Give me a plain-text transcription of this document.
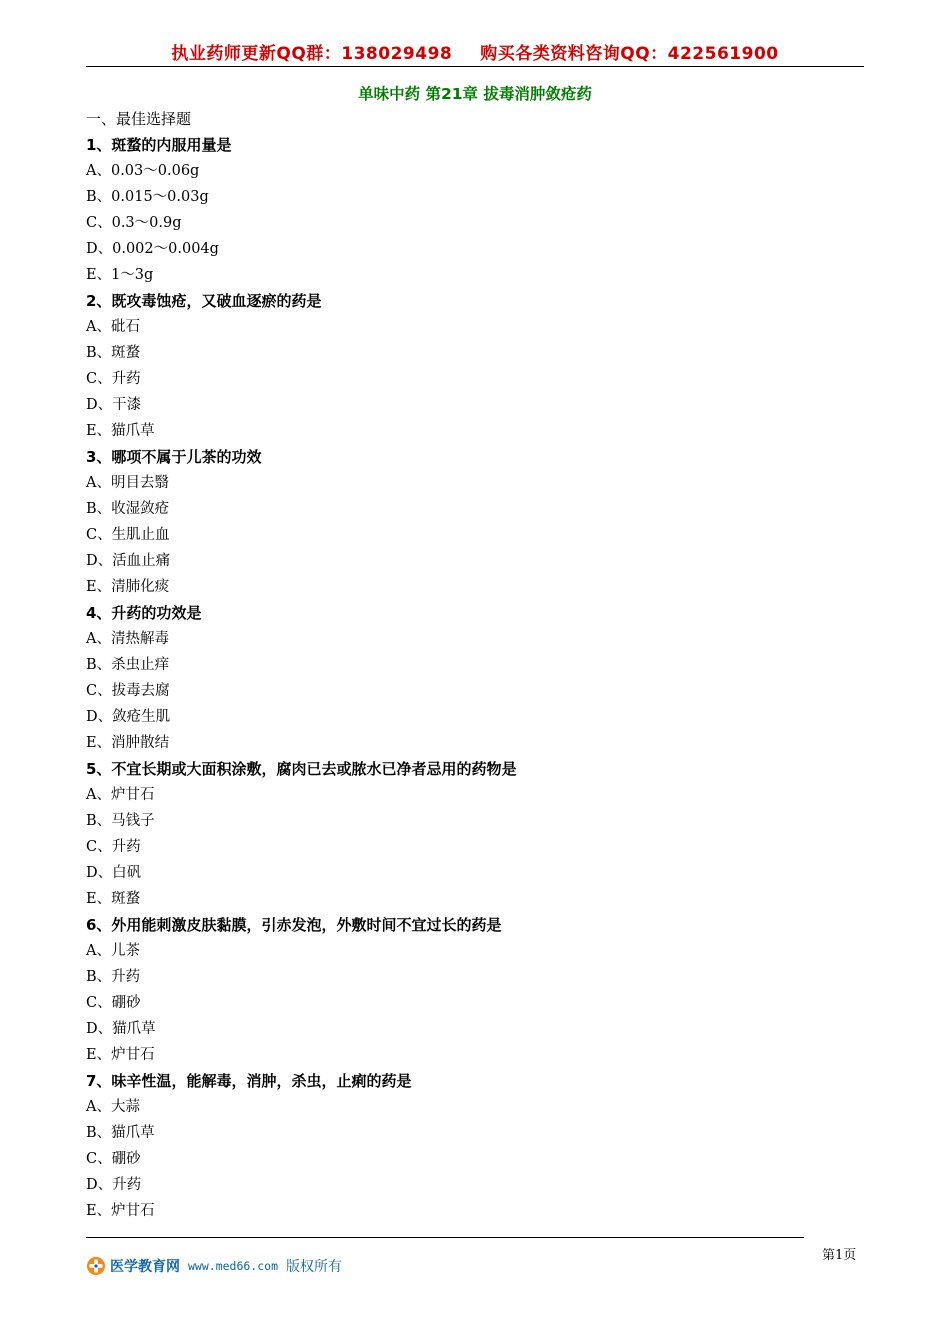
执业药师更新QQ群：138029498 购买各类资料咨询QQ：422561900
单味中药 第21章 拔毒消肿敛疮药
一、最佳选择题
1、斑蝥的内服用量是
A、0.03～0.06g
B、0.015～0.03g
C、0.3～0.9g
D、0.002～0.004g
E、1～3g
2、既攻毒蚀疮，又破血逐瘀的药是
A、砒石
B、斑蝥
C、升药
D、干漆
E、猫爪草
3、哪项不属于儿茶的功效
A、明目去翳
B、收湿敛疮
C、生肌止血
D、活血止痛
E、清肺化痰
4、升药的功效是
A、清热解毒
B、杀虫止痒
C、拔毒去腐
D、敛疮生肌
E、消肿散结
5、不宜长期或大面积涂敷，腐肉已去或脓水已净者忌用的药物是
A、炉甘石
B、马钱子
C、升药
D、白矾
E、斑蝥
6、外用能刺激皮肤黏膜，引赤发泡，外敷时间不宜过长的药是
A、儿茶
B、升药
C、硼砂
D、猫爪草
E、炉甘石
7、味辛性温，能解毒，消肿，杀虫，止痢的药是
A、大蒜
B、猫爪草
C、硼砂
D、升药
E、炉甘石
第1页
医学教育网 www.med66.com 版权所有
